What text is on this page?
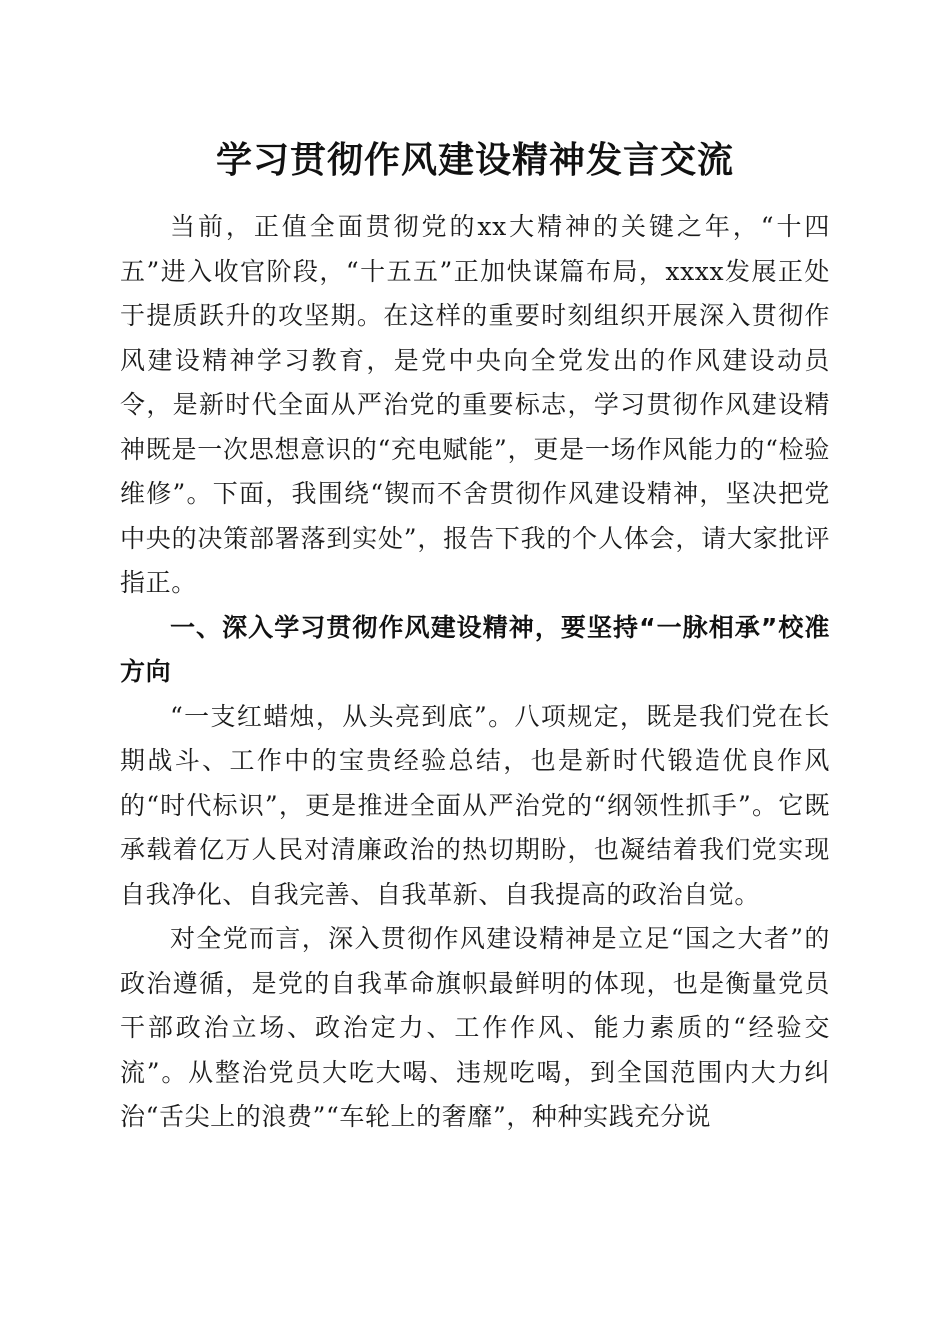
学习贯彻作风建设精神发言交流

当前，正值全面贯彻党的xx大精神的关键之年，“十四五”进入收官阶段，“十五五”正加快谋篇布局，xxxx发展正处于提质跃升的攻坚期。在这样的重要时刻组织开展深入贯彻作风建设精神学习教育，是党中央向全党发出的作风建设动员令，是新时代全面从严治党的重要标志，学习贯彻作风建设精神既是一次思想意识的“充电赋能”，更是一场作风能力的“检验维修”。下面，我围绕“锲而不舍贯彻作风建设精神，坚决把党中央的决策部署落到实处”，报告下我的个人体会，请大家批评指正。

一、深入学习贯彻作风建设精神，要坚持“一脉相承”校准方向

“一支红蜡烛，从头亮到底”。八项规定，既是我们党在长期战斗、工作中的宝贵经验总结，也是新时代锻造优良作风的“时代标识”，更是推进全面从严治党的“纲领性抓手”。它既承载着亿万人民对清廉政治的热切期盼，也凝结着我们党实现自我净化、自我完善、自我革新、自我提高的政治自觉。

对全党而言，深入贯彻作风建设精神是立足“国之大者”的政治遵循，是党的自我革命旗帜最鲜明的体现，也是衡量党员干部政治立场、政治定力、工作作风、能力素质的“经验交流”。从整治党员大吃大喝、违规吃喝，到全国范围内大力纠治“舌尖上的浪费”“车轮上的奢靡”，种种实践充分说
